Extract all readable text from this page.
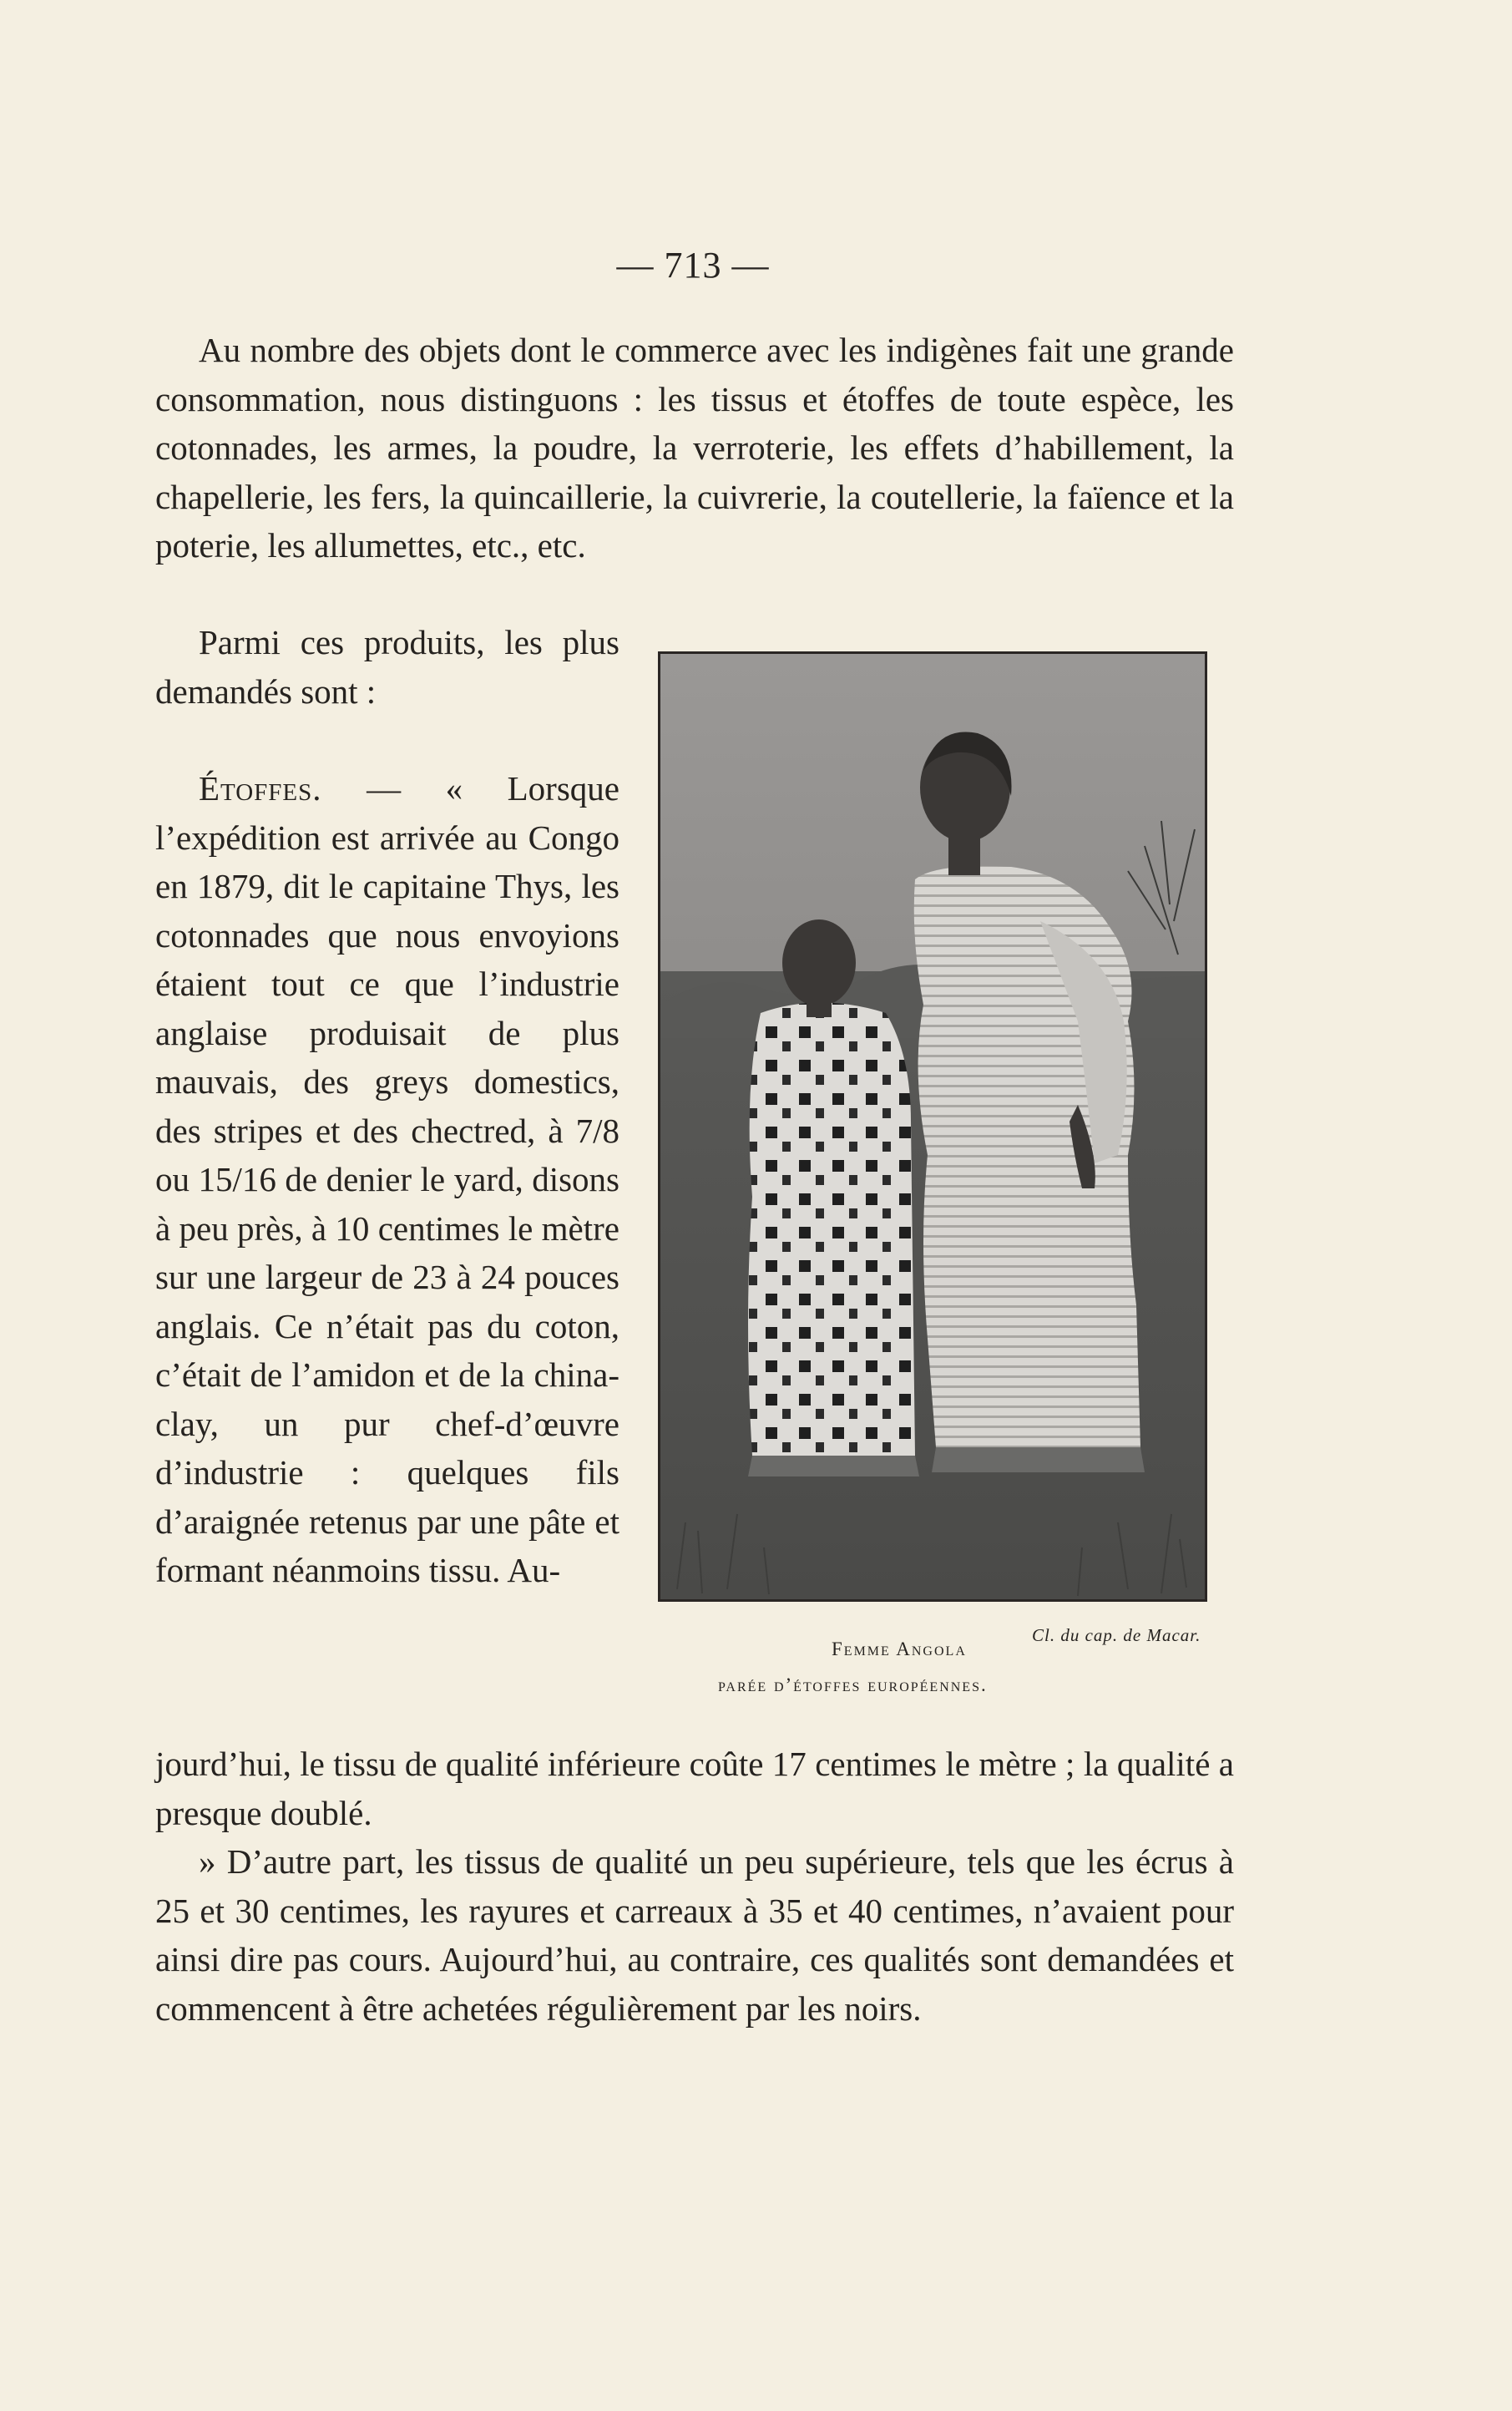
— 713 —

Au nombre des objets dont le commerce avec les indigènes fait une grande consommation, nous distinguons : les tissus et étoffes de toute espèce, les cotonnades, les armes, la poudre, la verroterie, les effets d’habillement, la chapellerie, les fers, la quincaillerie, la cuivrerie, la coutellerie, la faïence et la poterie, les allumettes, etc., etc.

Parmi ces produits, les plus demandés sont :

Étoffes. — « Lorsque l’expédition est arrivée au Congo en 1879, dit le capitaine Thys, les cotonnades que nous envoyions étaient tout ce que l’industrie anglaise produisait de plus mauvais, des greys domestics, des stripes et des chectred, à 7/8 ou 15/16 de denier le yard, disons à peu près, à 10 centimes le mètre sur une largeur de 23 à 24 pouces anglais. Ce n’était pas du coton, c’était de l’amidon et de la china-clay, un pur chef-d’œuvre d’industrie : quelques fils d’araignée retenus par une pâte et formant néanmoins tissu. Au-

jourd’hui, le tissu de qualité inférieure coûte 17 centimes le mètre ; la qualité a presque doublé.

» D’autre part, les tissus de qualité un peu supérieure, tels que les écrus à 25 et 30 centimes, les rayures et carreaux à 35 et 40 centimes, n’avaient pour ainsi dire pas cours. Aujourd’hui, au contraire, ces qualités sont demandées et commencent à être achetées régulièrement par les noirs.

Cl. du cap. de Macar.
Femme Angola
parée d’étoffes européennes.
